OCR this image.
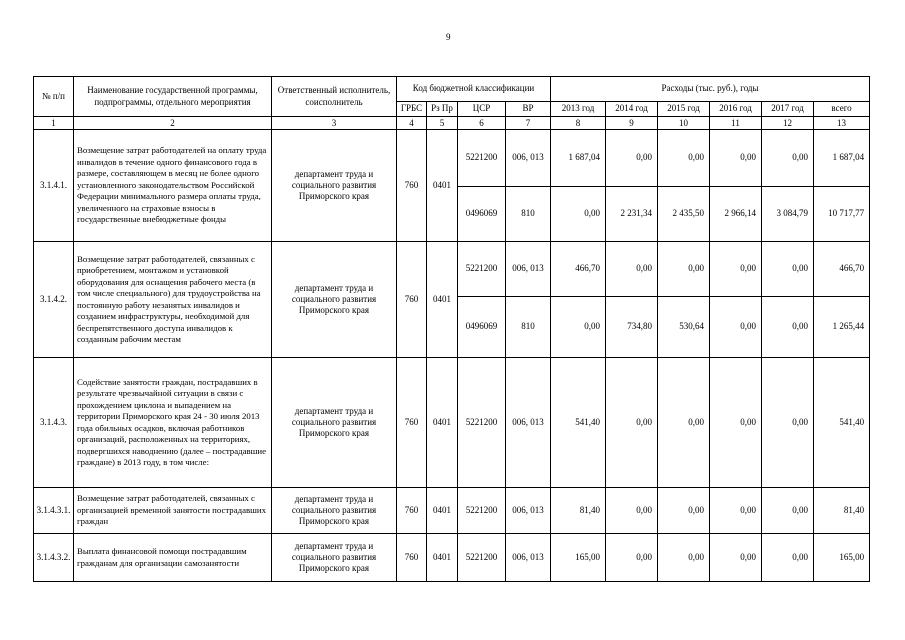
9
№ п/п	Наименование государственной программы, подпрограммы, отдельного мероприятия	Ответственный исполнитель, соисполнитель	Код бюджетной классификации				Расходы (тыс. руб.), годы					
			ГРБС	Рз Пр	ЦСР	ВР	2013 год	2014 год	2015 год	2016 год	2017 год	всего
1	2	3	4	5	6	7	8	9	10	11	12	13
3.1.4.1.	Возмещение затрат работодателей на оплату труда инвалидов в течение одного финансового года в размере, составляющем в месяц не более одного установленного законодательством Российской Федерации минимального размера оплаты труда, увеличенного на страховые взносы в государственные внебюджетные фонды	департамент труда и социального развития Приморского края	760	0401	5221200	006, 013	1 687,04	0,00	0,00	0,00	0,00	1 687,04
					0496069	810	0,00	2 231,34	2 435,50	2 966,14	3 084,79	10 717,77
3.1.4.2.	Возмещение затрат работодателей, связанных с приобретением, монтажом и установкой оборудования для оснащения рабочего места (в том числе специального) для трудоустройства на постоянную работу незанятых инвалидов и созданием инфраструктуры, необходимой для беспрепятственного доступа инвалидов к созданным рабочим местам	департамент труда и социального развития Приморского края	760	0401	5221200	006, 013	466,70	0,00	0,00	0,00	0,00	466,70
					0496069	810	0,00	734,80	530,64	0,00	0,00	1 265,44
3.1.4.3.	Содействие занятости граждан, пострадавших в результате чрезвычайной ситуации в связи с прохождением циклона и выпадением на территории Приморского края 24 - 30 июля 2013 года обильных осадков, включая работников организаций, расположенных на территориях, подвергшихся наводнению (далее – пострадавшие граждане) в 2013 году, в том числе:	департамент труда и социального развития Приморского края	760	0401	5221200	006, 013	541,40	0,00	0,00	0,00	0,00	541,40
3.1.4.3.1.	Возмещение затрат работодателей, связанных с организацией временной занятости пострадавших граждан	департамент труда и социального развития Приморского края	760	0401	5221200	006, 013	81,40	0,00	0,00	0,00	0,00	81,40
3.1.4.3.2.	Выплата финансовой помощи пострадавшим гражданам для организации самозанятости	департамент труда и социального развития Приморского края	760	0401	5221200	006, 013	165,00	0,00	0,00	0,00	0,00	165,00
